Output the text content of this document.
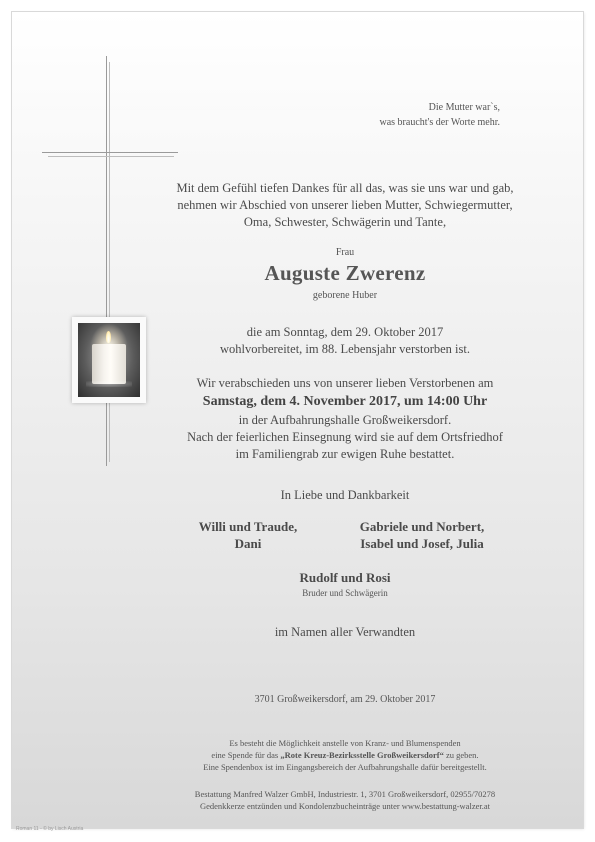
Die Mutter war`s,
was braucht's der Worte mehr.
Mit dem Gefühl tiefen Dankes für all das, was sie uns war und gab,
nehmen wir Abschied von unserer lieben Mutter, Schwiegermutter,
Oma, Schwester, Schwägerin und Tante,
Frau
Auguste Zwerenz
geborene Huber
die am Sonntag, dem 29. Oktober 2017
wohlvorbereitet, im 88. Lebensjahr verstorben ist.
Wir verabschieden uns von unserer lieben Verstorbenen am
Samstag, dem 4. November 2017, um 14:00 Uhr
in der Aufbahrungshalle Großweikersdorf.
Nach der feierlichen Einsegnung wird sie auf dem Ortsfriedhof
im Familiengrab zur ewigen Ruhe bestattet.
In Liebe und Dankbarkeit
Willi und Traude,
Dani
Gabriele und Norbert,
Isabel und Josef, Julia
Rudolf und Rosi
Bruder und Schwägerin
im Namen aller Verwandten
3701 Großweikersdorf, am 29. Oktober 2017
Es besteht die Möglichkeit anstelle von Kranz- und Blumenspenden
eine Spende für das „Rote Kreuz-Bezirksstelle Großweikersdorf“ zu geben.
Eine Spendenbox ist im Eingangsbereich der Aufbahrungshalle dafür bereitgestellt.
Bestattung Manfred Walzer GmbH, Industriestr. 1, 3701 Großweikersdorf, 02955/70278
Gedenkkerze entzünden und Kondolenzbucheinträge unter www.bestattung-walzer.at
Roman 11 - © by Lisch Austria
